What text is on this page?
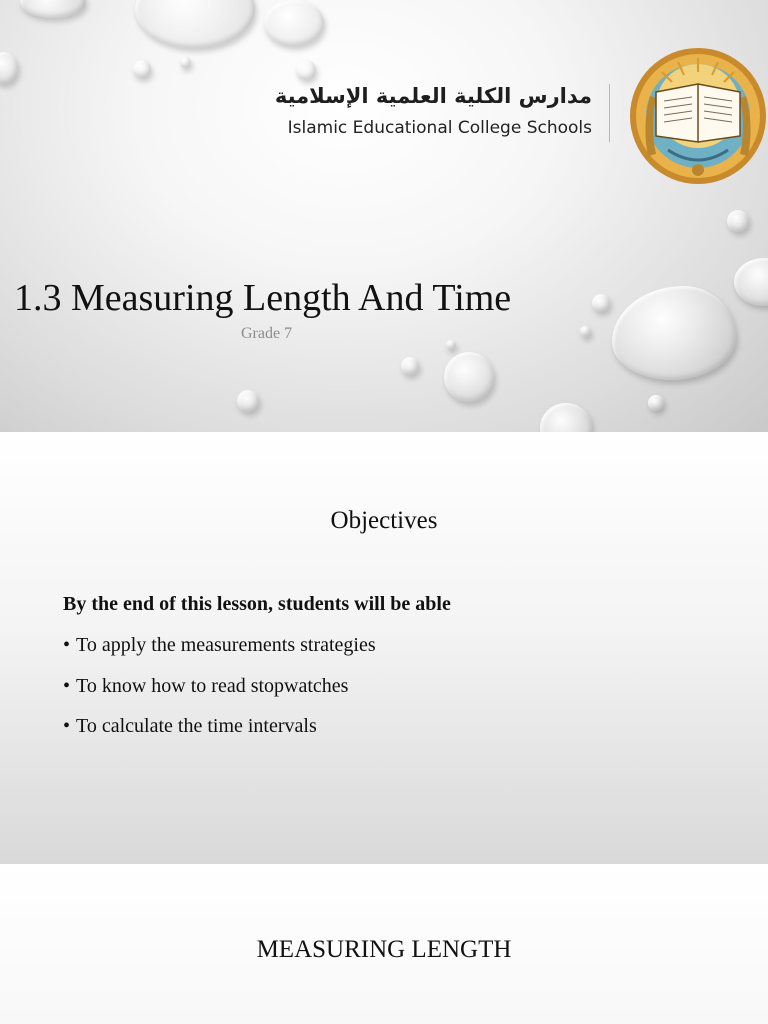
مدارس الكلية العلمية الإسلامية
Islamic Educational College Schools
1.3 Measuring Length And Time
Grade 7
Objectives
By the end of this lesson, students will be able
• To apply the measurements strategies
• To know how to read stopwatches
• To calculate the time intervals
MEASURING LENGTH
